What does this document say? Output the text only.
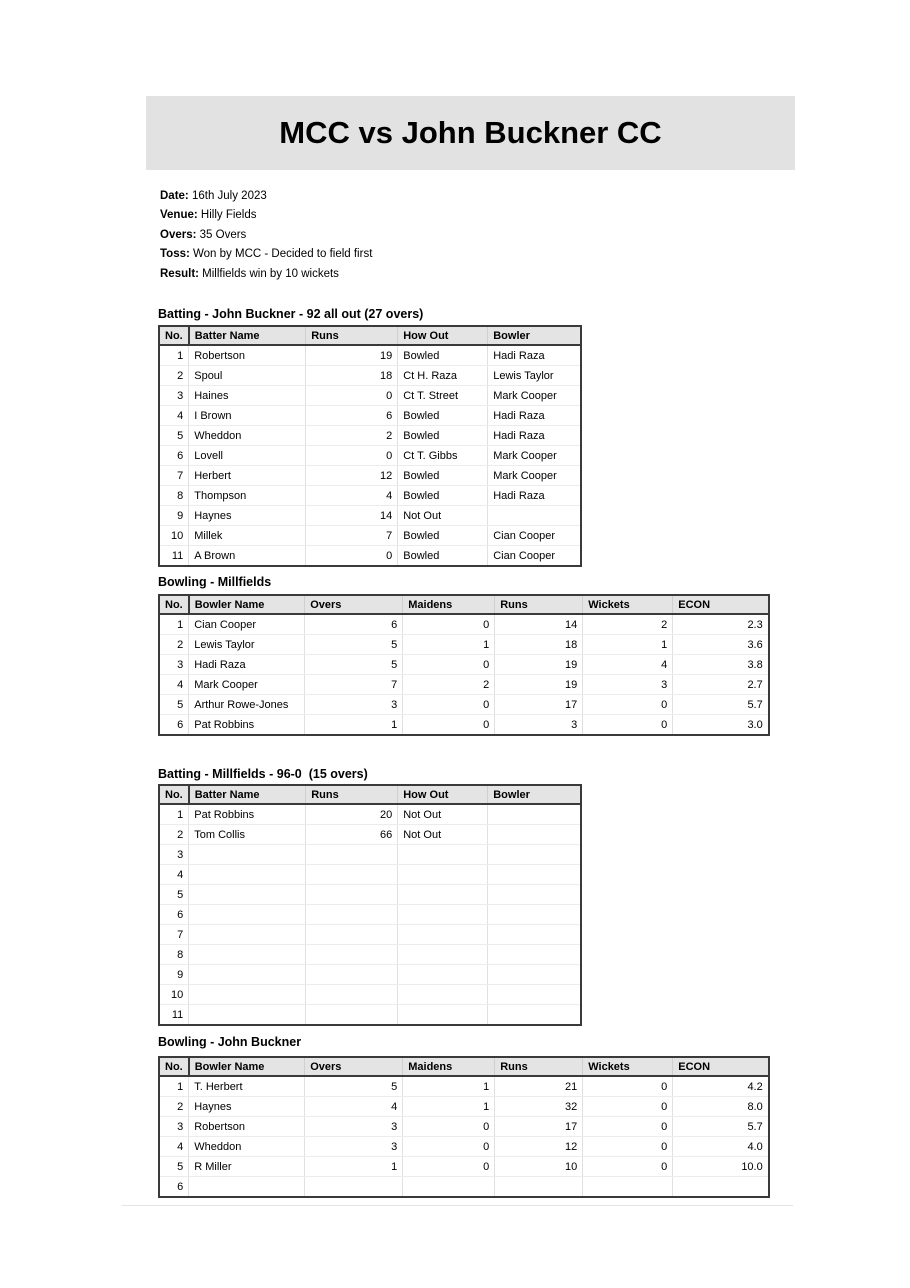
MCC vs John Buckner CC
Date: 16th July 2023
Venue: Hilly Fields
Overs: 35 Overs
Toss: Won by MCC - Decided to field first
Result: Millfields win by 10 wickets
Batting - John Buckner - 92 all out (27 overs)
No.	Batter Name	Runs	How Out	Bowler
1	Robertson	19	Bowled	Hadi Raza
2	Spoul	18	Ct H. Raza	Lewis Taylor
3	Haines	0	Ct T. Street	Mark Cooper
4	I Brown	6	Bowled	Hadi Raza
5	Wheddon	2	Bowled	Hadi Raza
6	Lovell	0	Ct T. Gibbs	Mark Cooper
7	Herbert	12	Bowled	Mark Cooper
8	Thompson	4	Bowled	Hadi Raza
9	Haynes	14	Not Out	
10	Millek	7	Bowled	Cian Cooper
11	A Brown	0	Bowled	Cian Cooper
Bowling - Millfields
No.	Bowler Name	Overs	Maidens	Runs	Wickets	ECON
1	Cian Cooper	6	0	14	2	2.3
2	Lewis Taylor	5	1	18	1	3.6
3	Hadi Raza	5	0	19	4	3.8
4	Mark Cooper	7	2	19	3	2.7
5	Arthur Rowe-Jones	3	0	17	0	5.7
6	Pat Robbins	1	0	3	0	3.0
Batting - Millfields - 96-0  (15 overs)
No.	Batter Name	Runs	How Out	Bowler
1	Pat Robbins	20	Not Out	
2	Tom Collis	66	Not Out	
3				
4				
5				
6				
7				
8				
9				
10				
11				
Bowling - John Buckner
No.	Bowler Name	Overs	Maidens	Runs	Wickets	ECON
1	T. Herbert	5	1	21	0	4.2
2	Haynes	4	1	32	0	8.0
3	Robertson	3	0	17	0	5.7
4	Wheddon	3	0	12	0	4.0
5	R Miller	1	0	10	0	10.0
6						
